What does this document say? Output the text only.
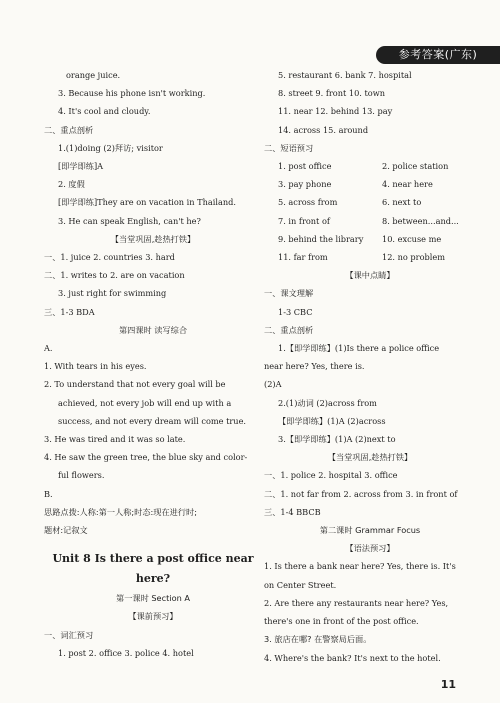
参考答案(广东)
orange juice.
3. Because his phone isn't working.
4. It's cool and cloudy.
二、重点剖析
1.(1)doing (2)拜访; visitor
[即学即练]A
2. 度假
[即学即练]They are on vacation in Thailand.
3. He can speak English, can't he?
【当堂巩固,趁热打铁】
一、1. juice 2. countries 3. hard
二、1. writes to 2. are on vacation
3. just right for swimming
三、1-3 BDA
第四课时 读写综合
A.
1. With tears in his eyes.
2. To understand that not every goal will be
achieved, not every job will end up with a
success, and not every dream will come true.
3. He was tired and it was so late.
4. He saw the green tree, the blue sky and color-
ful flowers.
B.
思路点拨:人称:第一人称;时态:现在进行时;
题材:记叙文
Unit 8 Is there a post office near
here?
第一课时 Section A
【课前预习】
一、词汇预习
1. post 2. office 3. police 4. hotel
5. restaurant 6. bank 7. hospital
8. street 9. front 10. town
11. near 12. behind 13. pay
14. across 15. around
二、短语预习
1. post office	2. police station
3. pay phone	4. near here
5. across from	6. next to
7. in front of	8. between...and...
9. behind the library	10. excuse me
11. far from	12. no problem
【课中点睛】
一、课文理解
1-3 CBC
二、重点剖析
1.【即学即练】(1)Is there a police office
near here? Yes, there is.
(2)A
2.(1)动词 (2)across from
【即学即练】(1)A (2)across
3.【即学即练】(1)A (2)next to
【当堂巩固,趁热打铁】
一、1. police 2. hospital 3. office
二、1. not far from 2. across from 3. in front of
三、1-4 BBCB
第二课时 Grammar Focus
【语法预习】
1. Is there a bank near here? Yes, there is. It's
on Center Street.
2. Are there any restaurants near here? Yes,
there's one in front of the post office.
3. 旅店在哪? 在警察局后面。
4. Where's the bank? It's next to the hotel.
11
